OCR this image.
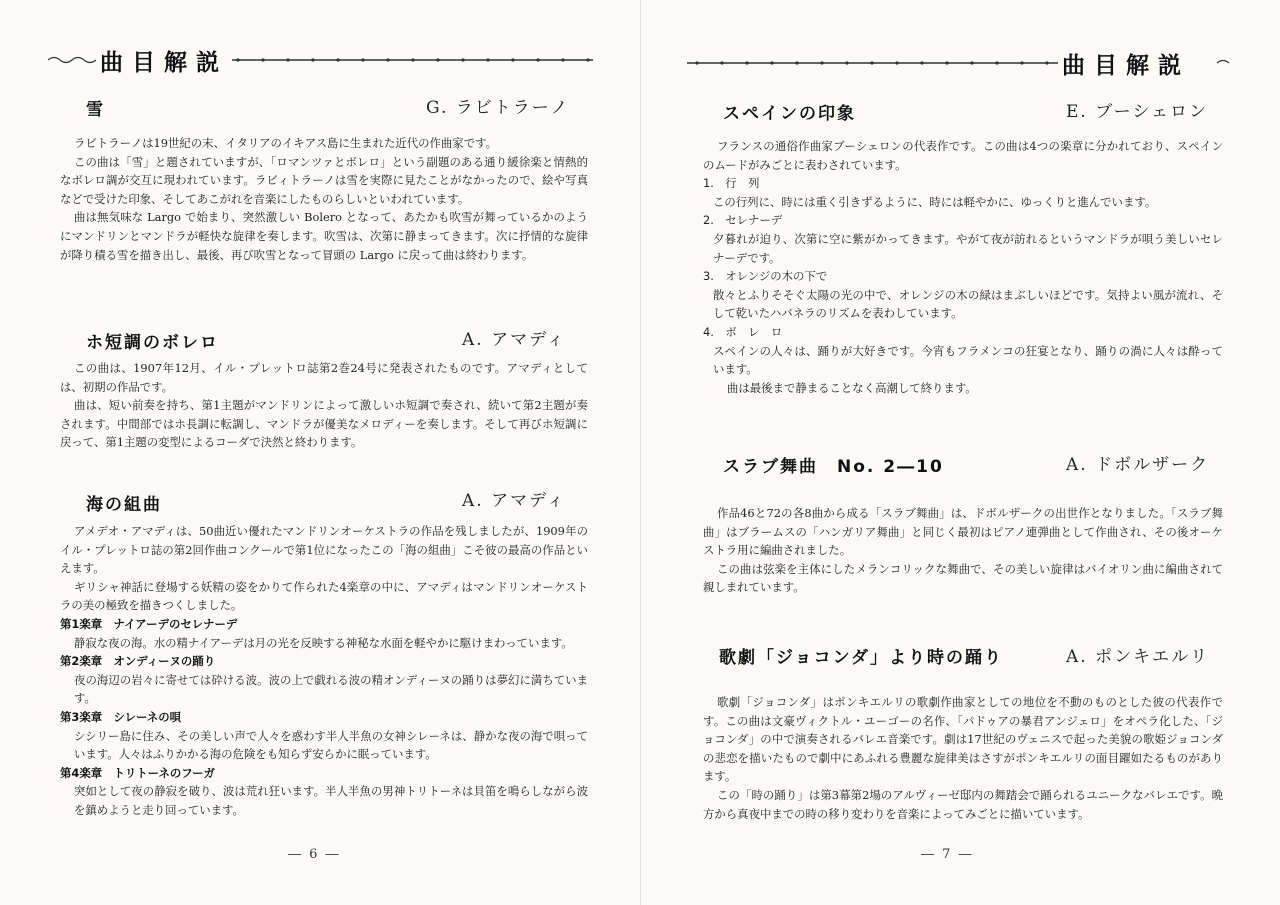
曲目解説
雪	G. ラビトラーノ
ラビトラーノは19世紀の末、イタリアのイキアス島に生まれた近代の作曲家です。
この曲は「雪」と題されていますが、「ロマンツァとボレロ」という副題のある通り緩徐楽と情熱的なボレロ調が交互に現われています。ラビィトラーノは雪を実際に見たことがなかったので、絵や写真などで受けた印象、そしてあこがれを音楽にしたものらしいといわれています。
曲は無気味な Largo で始まり、突然激しい Bolero となって、あたかも吹雪が舞っているかのようにマンドリンとマンドラが軽快な旋律を奏します。吹雪は、次第に静まってきます。次に抒情的な旋律が降り積る雪を描き出し、最後、再び吹雪となって冒頭の Largo に戻って曲は終わります。
ホ短調のボレロ	A. アマディ
この曲は、1907年12月、イル・プレットロ誌第2巻24号に発表されたものです。アマディとしては、初期の作品です。
曲は、短い前奏を持ち、第1主題がマンドリンによって激しいホ短調で奏され、続いて第2主題が奏されます。中間部ではホ長調に転調し、マンドラが優美なメロディーを奏します。そして再びホ短調に戻って、第1主題の変型によるコーダで決然と終わります。
海の組曲	A. アマディ
アメデオ・アマディは、50曲近い優れたマンドリンオーケストラの作品を残しましたが、1909年のイル・プレットロ誌の第2回作曲コンクールで第1位になったこの「海の組曲」こそ彼の最高の作品といえます。
ギリシャ神話に登場する妖精の姿をかりて作られた4楽章の中に、アマディはマンドリンオーケストラの美の極致を描きつくしました。
第1楽章　ナイアーデのセレナーデ
静寂な夜の海。水の精ナイアーデは月の光を反映する神秘な水面を軽やかに駆けまわっています。
第2楽章　オンディーヌの踊り
夜の海辺の岩々に寄せては砕ける波。波の上で戯れる波の精オンディーヌの踊りは夢幻に満ちています。
第3楽章　シレーネの唄
シシリー島に住み、その美しい声で人々を惑わす半人半魚の女神シレーネは、静かな夜の海で唄っています。人々はふりかかる海の危険をも知らず安らかに眠っています。
第4楽章　トリトーネのフーガ
突如として夜の静寂を破り、波は荒れ狂います。半人半魚の男神トリトーネは貝笛を鳴らしながら波を鎮めようと走り回っています。
― 6 ―
曲目解説
スペインの印象	E. ブーシェロン
フランスの通俗作曲家ブーシェロンの代表作です。この曲は4つの楽章に分かれており、スペインのムードがみごとに表わされています。
1.　行　列
この行列に、時には重く引きずるように、時には軽やかに、ゆっくりと進んでいます。
2.　セレナーデ
夕暮れが迫り、次第に空に紫がかってきます。やがて夜が訪れるというマンドラが唄う美しいセレナーデです。
3.　オレンジの木の下で
散々とふりそそぐ太陽の光の中で、オレンジの木の緑はまぶしいほどです。気持よい風が流れ、そして乾いたハバネラのリズムを表わしています。
4.　ボ　レ　ロ
スペインの人々は、踊りが大好きです。今宵もフラメンコの狂宴となり、踊りの渦に人々は酔っています。
曲は最後まで静まることなく高潮して終ります。
スラブ舞曲　No. 2―10	A. ドボルザーク
作品46と72の各8曲から成る「スラブ舞曲」は、ドボルザークの出世作となりました。「スラブ舞曲」はブラームスの「ハンガリア舞曲」と同じく最初はピアノ連弾曲として作曲され、その後オーケストラ用に編曲されました。
この曲は弦楽を主体にしたメランコリックな舞曲で、その美しい旋律はバイオリン曲に編曲されて親しまれています。
歌劇「ジョコンダ」より時の踊り	A. ポンキエルリ
歌劇「ジョコンダ」はポンキエルリの歌劇作曲家としての地位を不動のものとした彼の代表作です。この曲は文豪ヴィクトル・ユーゴーの名作、「パドゥアの暴君アンジェロ」をオペラ化した、「ジョコンダ」の中で演奏されるバレエ音楽です。劇は17世紀のヴェニスで起った美貌の歌姫ジョコンダの悲恋を描いたもので劇中にあふれる豊麗な旋律美はさすがポンキエルリの面目躍如たるものがあります。
この「時の踊り」は第3幕第2場のアルヴィーゼ邸内の舞踏会で踊られるユニークなバレエです。晩方から真夜中までの時の移り変わりを音楽によってみごとに描いています。
― 7 ―
